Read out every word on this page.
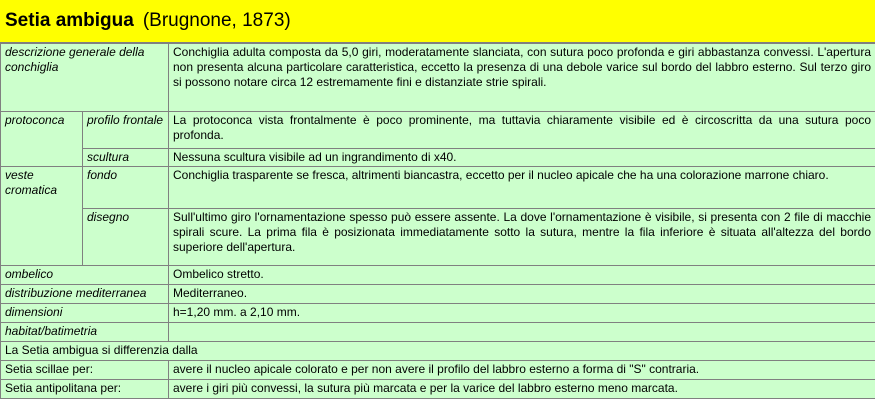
Setia ambigua (Brugnone, 1873)
descrizione generale della conchiglia		Conchiglia adulta composta da 5,0 giri, moderatamente slanciata, con sutura poco profonda e giri abbastanza convessi. L'apertura non presenta alcuna particolare caratteristica, eccetto la presenza di una debole varice sul bordo del labbro esterno. Sul terzo giro si possono notare circa 12 estremamente fini e distanziate strie spirali.
protoconca	profilo frontale	La protoconca vista frontalmente è poco prominente, ma tuttavia chiaramente visibile ed è circoscritta da una sutura poco profonda.
	scultura	Nessuna scultura visibile ad un ingrandimento di x40.
veste cromatica	fondo	Conchiglia trasparente se fresca, altrimenti biancastra, eccetto per il nucleo apicale che ha una colorazione marrone chiaro.
	disegno	Sull'ultimo giro l'ornamentazione spesso può essere assente. La dove l'ornamentazione è visibile, si presenta con 2 file di macchie spirali scure. La prima fila è posizionata immediatamente sotto la sutura, mentre la fila inferiore è situata all'altezza del bordo superiore dell'apertura.
ombelico		Ombelico stretto.
distribuzione mediterranea		Mediterraneo.
dimensioni		h=1,20 mm. a 2,10 mm.
habitat/batimetria		
La Setia ambigua si differenzia dalla		
Setia scillae per:		avere il nucleo apicale colorato e per non avere il profilo del labbro esterno a forma di "S" contraria.
Setia antipolitana per:		avere i giri più convessi, la sutura più marcata e per la varice del labbro esterno meno marcata.
